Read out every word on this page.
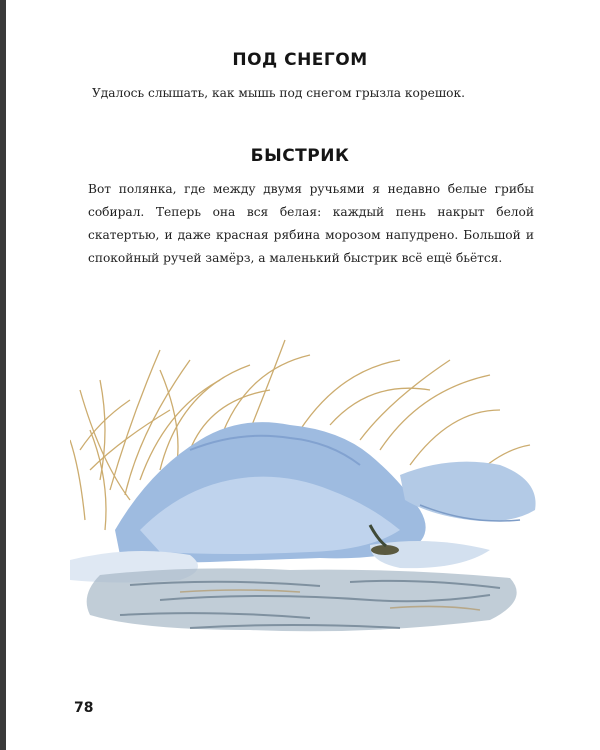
ПОД СНЕГОМ
Удалось слышать, как мышь под снегом грызла корешок.
БЫСТРИК
Вот полянка, где между двумя ручьями я недавно белые грибы собирал. Теперь она вся белая: каждый пень накрыт белой скатертью, и даже красная рябина морозом напудрено. Большой и спокойный ручей замёрз, а маленький быстрик всё ещё бьётся.
78
